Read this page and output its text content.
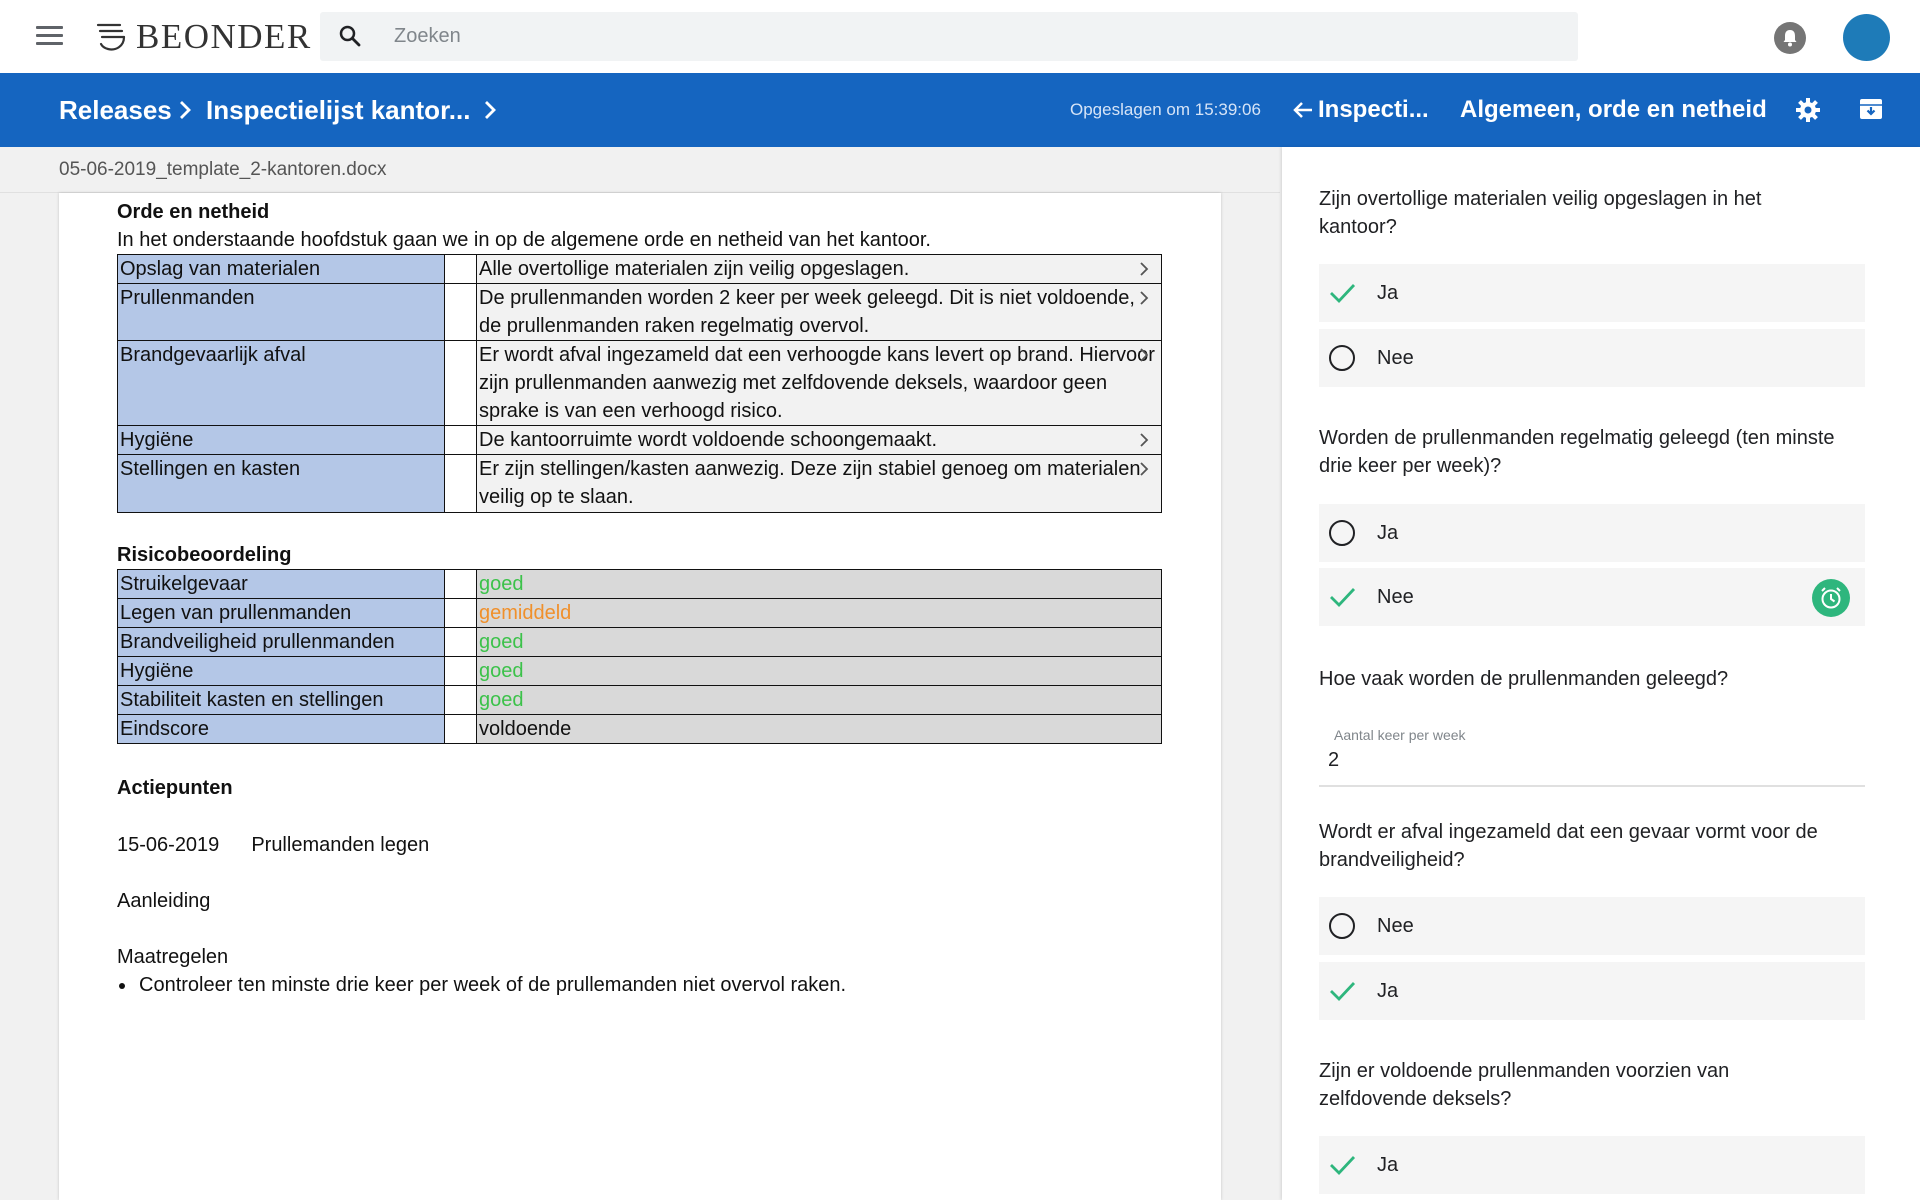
BEONDER
Zoeken
Releases Inspectielijst kantor...	Opgeslagen om 15:39:06 Inspecti... Algemeen, orde en netheid
05-06-2019_template_2-kantoren.docx
Orde en netheid
In het onderstaande hoofdstuk gaan we in op de algemene orde en netheid van het kantoor.
Opslag van materialen		Alle overtollige materialen zijn veilig opgeslagen.

Prullenmanden		De prullenmanden worden 2 keer per week geleegd. Dit is niet voldoende, de prullenmanden raken regelmatig overvol.

Brandgevaarlijk afval		Er wordt afval ingezameld dat een verhoogde kans levert op brand. Hiervoor zijn prullenmanden aanwezig met zelfdovende deksels, waardoor geen sprake is van een verhoogd risico.

Hygiëne		De kantoorruimte wordt voldoende schoongemaakt.

Stellingen en kasten		Er zijn stellingen/kasten aanwezig. Deze zijn stabiel genoeg om materialen veilig op te slaan.
Risicobeoordeling
Struikelgevaar		goed
Legen van prullenmanden		gemiddeld
Brandveiligheid prullenmanden		goed
Hygiëne		goed
Stabiliteit kasten en stellingen		goed
Eindscore		voldoende
Actiepunten
15-06-2019 Prullemanden legen
Aanleiding
Maatregelen
Controleer ten minste drie keer per week of de prullemanden niet overvol raken.
Zijn overtollige materialen veilig opgeslagen in het kantoor?
Ja
Nee
Worden de prullenmanden regelmatig geleegd (ten minste drie keer per week)?
Ja
Nee
Hoe vaak worden de prullenmanden geleegd?
Aantal keer per week
2
Wordt er afval ingezameld dat een gevaar vormt voor de brandveiligheid?
Nee
Ja
Zijn er voldoende prullenmanden voorzien van zelfdovende deksels?
Ja
